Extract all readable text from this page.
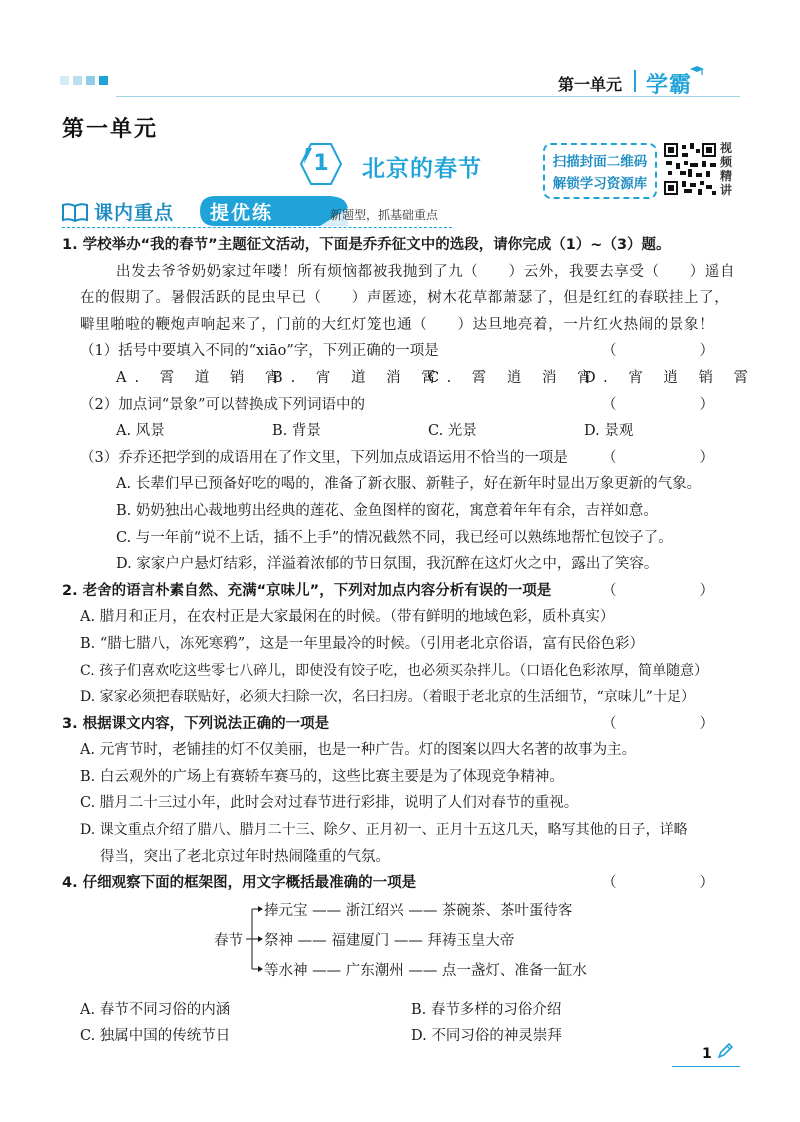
第一单元 学霸
第一单元
1	北京的春节	扫描封面二维码
解锁学习资源库
视
频
精
讲
课内重点 提优练	新题型，抓基础重点
1. 学校举办“我的春节”主题征文活动，下面是乔乔征文中的选段，请你完成（1）~（3）题。
出发去爷爷奶奶家过年喽！所有烦恼都被我抛到了九（　　）云外，我要去享受（　　）遥自
在的假期了。暑假活跃的昆虫早已（　　）声匿迹，树木花草都萧瑟了，但是红红的春联挂上了，
噼里啪啦的鞭炮声响起来了，门前的大红灯笼也通（　　）达旦地亮着，一片红火热闹的景象！
（1）括号中要填入不同的“xiāo”字，下列正确的一项是	（　　）
A. 霄 道 销 宵
B. 宵 道 消 霄
C. 霄 逍 消 宵
D. 宵 逍 销 霄
（2）加点词“景象”可以替换成下列词语中的	（　　）
A. 风景	B. 背景	C. 光景	D. 景观
（3）乔乔还把学到的成语用在了作文里，下列加点成语运用不恰当的一项是 （　　）
A. 长辈们早已预备好吃的喝的，准备了新衣服、新鞋子，好在新年时显出万象更新的气象。
B. 奶奶独出心裁地剪出经典的莲花、金鱼图样的窗花，寓意着年年有余，吉祥如意。
C. 与一年前“说不上话，插不上手”的情况截然不同，我已经可以熟练地帮忙包饺子了。
D. 家家户户悬灯结彩，洋溢着浓郁的节日氛围，我沉醉在这灯火之中，露出了笑容。
2. 老舍的语言朴素自然、充满“京味儿”，下列对加点内容分析有误的一项是	（　　）
A. 腊月和正月，在农村正是大家最闲在的时候。（带有鲜明的地域色彩，质朴真实）
B. “腊七腊八，冻死寒鸦”，这是一年里最冷的时候。（引用老北京俗语，富有民俗色彩）
C. 孩子们喜欢吃这些零七八碎儿，即使没有饺子吃，也必须买杂拌儿。（口语化色彩浓厚，简单随意）
D. 家家必须把春联贴好，必须大扫除一次，名曰扫房。（着眼于老北京的生活细节，“京味儿”十足）
3. 根据课文内容，下列说法正确的一项是	（　　）
A. 元宵节时，老铺挂的灯不仅美丽，也是一种广告。灯的图案以四大名著的故事为主。
B. 白云观外的广场上有赛轿车赛马的，这些比赛主要是为了体现竞争精神。
C. 腊月二十三过小年，此时会对过春节进行彩排，说明了人们对春节的重视。
D. 课文重点介绍了腊八、腊月二十三、除夕、正月初一、正月十五这几天，略写其他的日子，详略
得当，突出了老北京过年时热闹隆重的气氛。
4. 仔细观察下面的框架图，用文字概括最准确的一项是	（　　）
春节
捧元宝 —— 浙江绍兴 —— 茶碗茶、茶叶蛋待客
祭神 —— 福建厦门 —— 拜祷玉皇大帝
等水神 —— 广东潮州 —— 点一盏灯、准备一缸水
A. 春节不同习俗的内涵	B. 春节多样的习俗介绍
C. 独属中国的传统节日	D. 不同习俗的神灵崇拜
1
